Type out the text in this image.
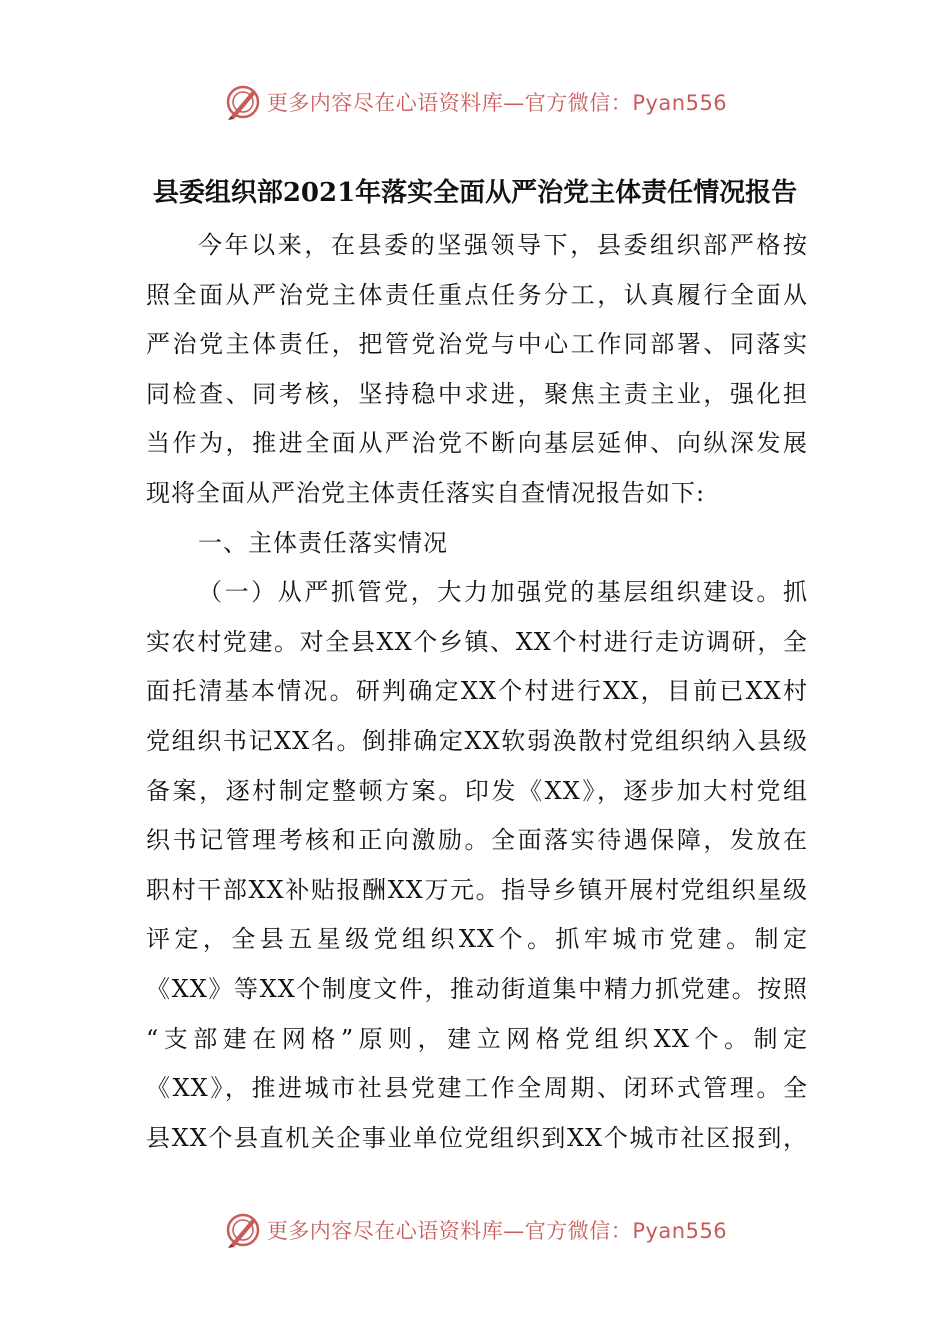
更多内容尽在心语资料库—官方微信：Pyan556
县委组织部2021年落实全面从严治党主体责任情况报告
今年以来，在县委的坚强领导下，县委组织部严格按
照全面从严治党主体责任重点任务分工，认真履行全面从
严治党主体责任，把管党治党与中心工作同部署、同落实
同检查、同考核，坚持稳中求进，聚焦主责主业，强化担
当作为，推进全面从严治党不断向基层延伸、向纵深发展
现将全面从严治党主体责任落实自查情况报告如下:
一、主体责任落实情况
（一）从严抓管党，大力加强党的基层组织建设。抓
实农村党建。对全县XX个乡镇、XX个村进行走访调研，全
面托清基本情况。研判确定XX个村进行XX，目前已XX村
党组织书记XX名。倒排确定XX软弱涣散村党组织纳入县级
备案，逐村制定整顿方案。印发《XX》，逐步加大村党组
织书记管理考核和正向激励。全面落实待遇保障，发放在
职村干部XX补贴报酬XX万元。指导乡镇开展村党组织星级
评定，全县五星级党组织XX个。抓牢城市党建。制定
《XX》等XX个制度文件，推动街道集中精力抓党建。按照
“支部建在网格”原则，建立网格党组织XX个。制定
《XX》，推进城市社县党建工作全周期、闭环式管理。全
县XX个县直机关企事业单位党组织到XX个城市社区报到，
更多内容尽在心语资料库—官方微信：Pyan556
